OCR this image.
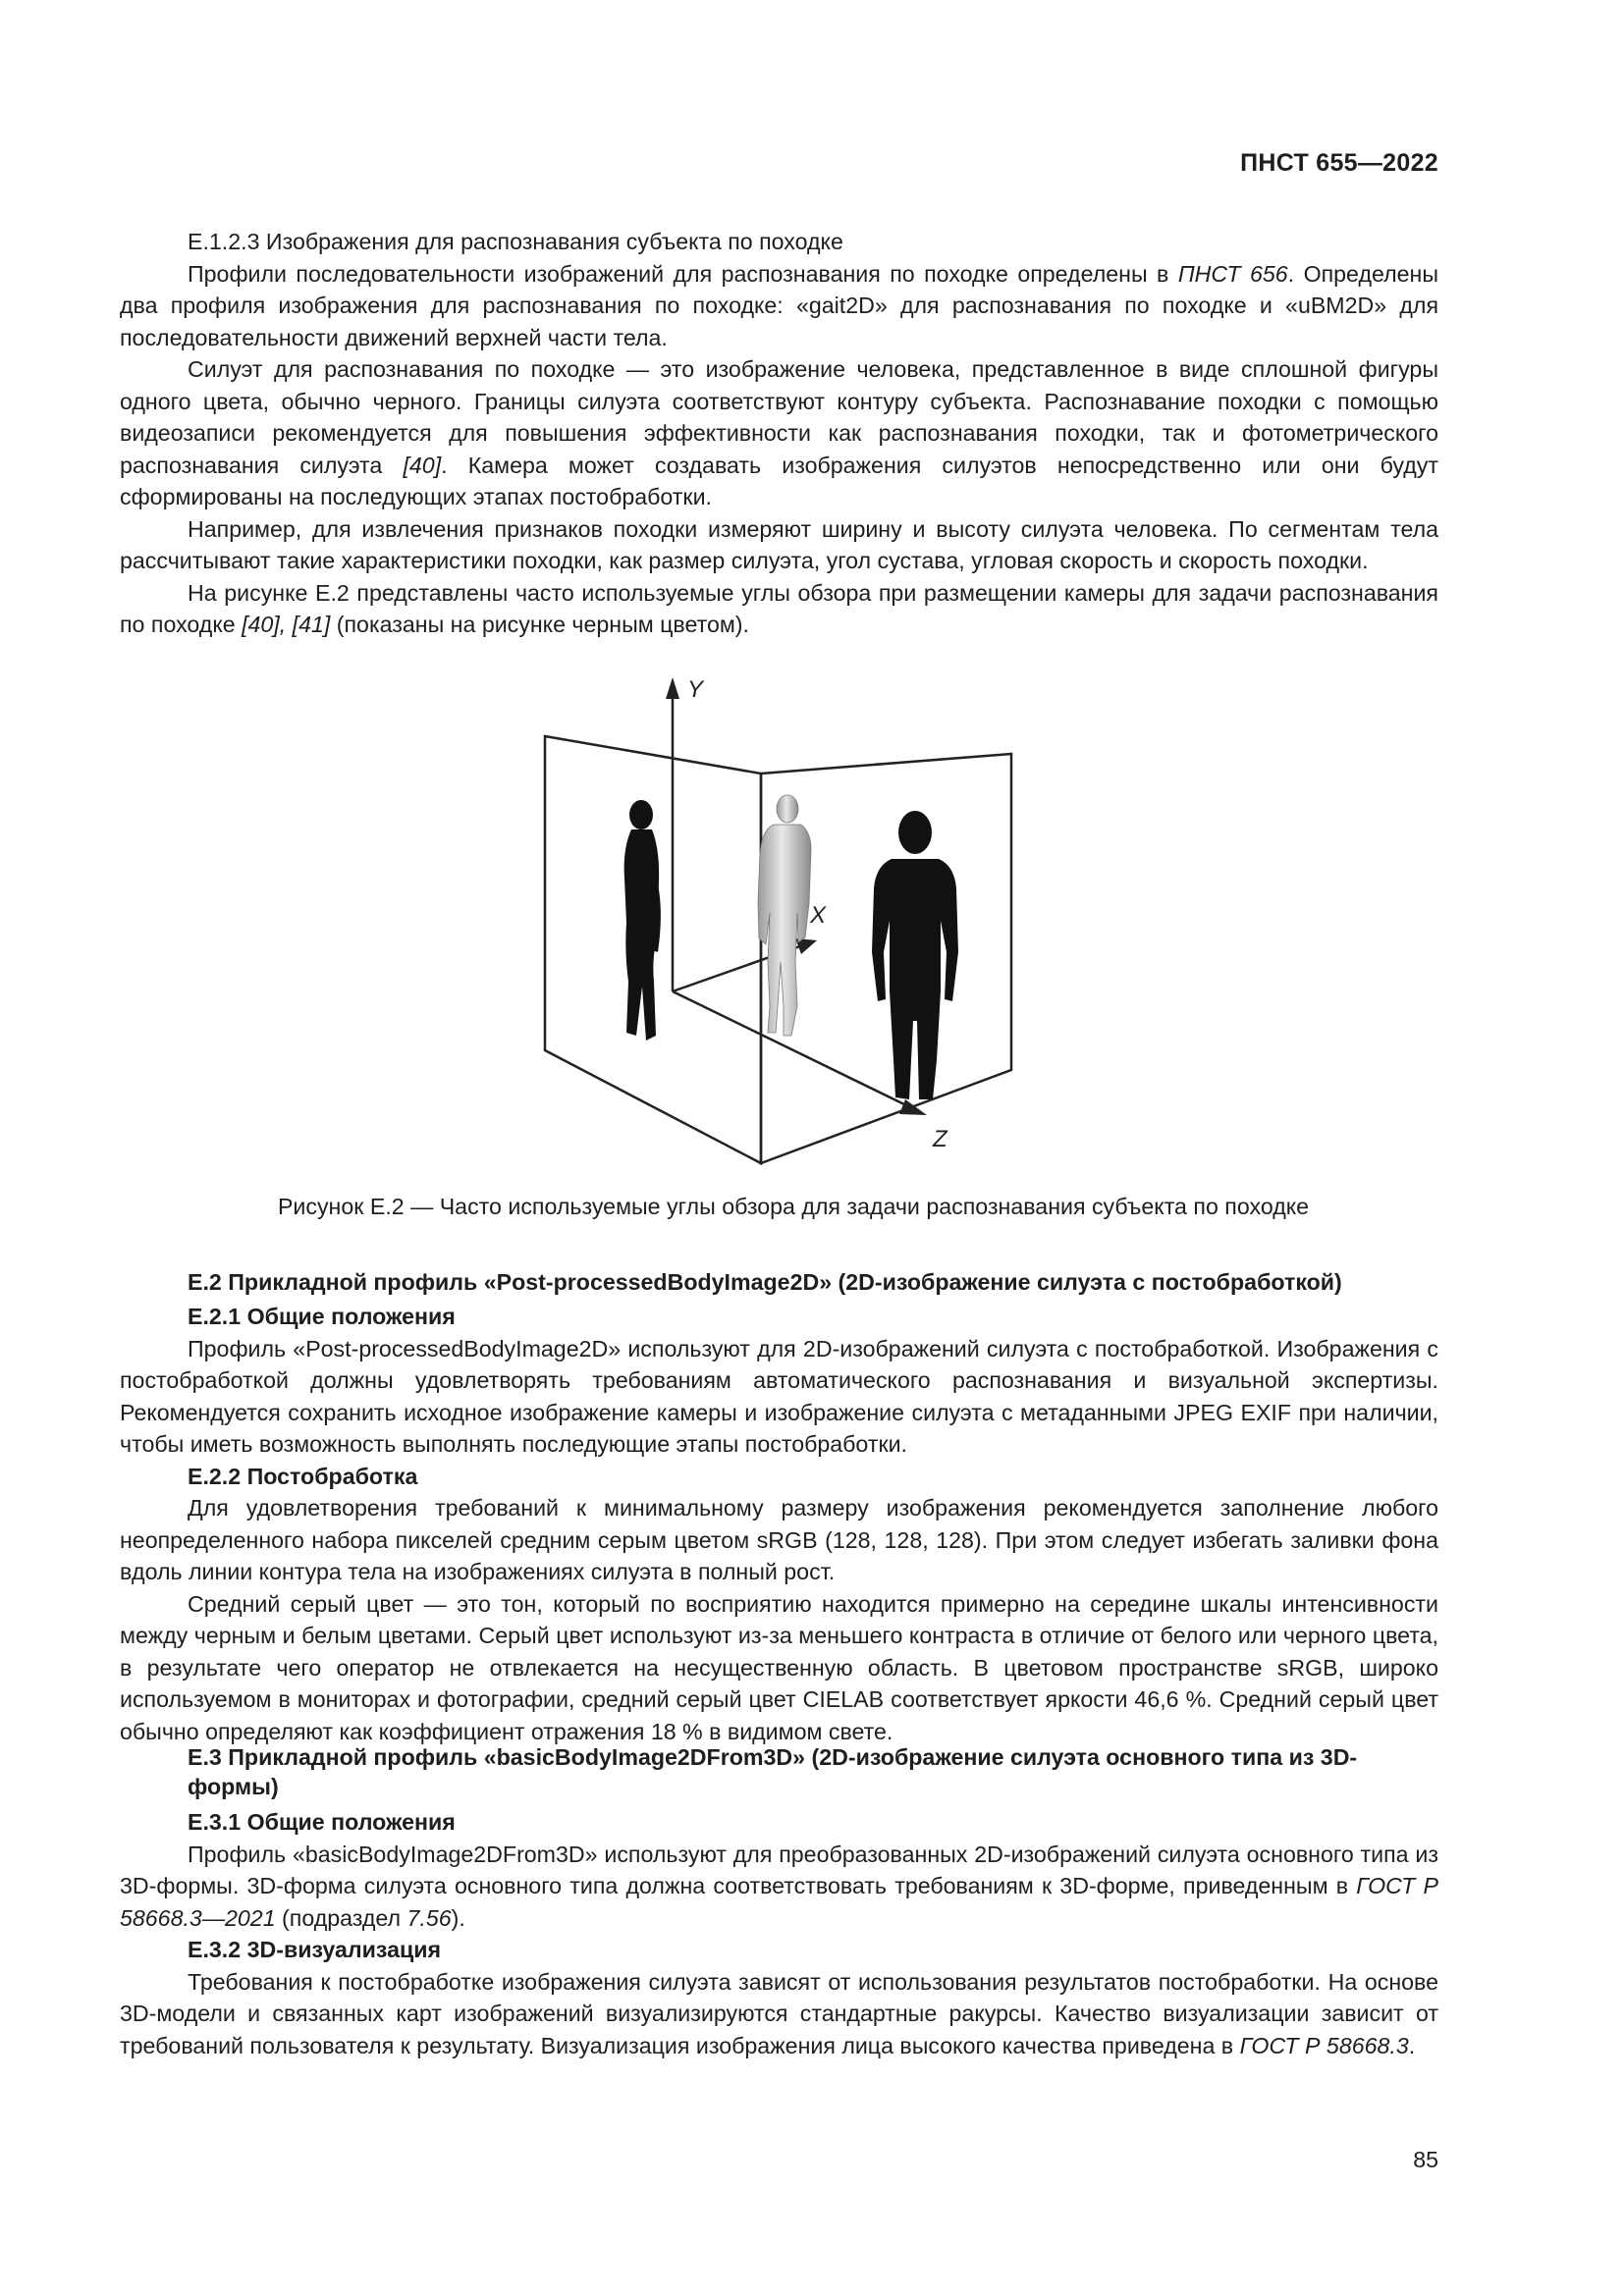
ПНСТ 655—2022

E.1.2.3 Изображения для распознавания субъекта по походке

Профили последовательности изображений для распознавания по походке определены в ПНСТ 656. Определены два профиля изображения для распознавания по походке: «gait2D» для распознавания по походке и «uBM2D» для последовательности движений верхней части тела.

Силуэт для распознавания по походке — это изображение человека, представленное в виде сплошной фигуры одного цвета, обычно черного. Границы силуэта соответствуют контуру субъекта. Распознавание походки с помощью видеозаписи рекомендуется для повышения эффективности как распознавания походки, так и фотометрического распознавания силуэта [40]. Камера может создавать изображения силуэтов непосредственно или они будут сформированы на последующих этапах постобработки.

Например, для извлечения признаков походки измеряют ширину и высоту силуэта человека. По сегментам тела рассчитывают такие характеристики походки, как размер силуэта, угол сустава, угловая скорость и скорость походки.

На рисунке E.2 представлены часто используемые углы обзора при размещении камеры для задачи распознавания по походке [40], [41] (показаны на рисунке черным цветом).

Y
X
Z
Рисунок E.2 — Часто используемые углы обзора для задачи распознавания субъекта по походке

E.2 Прикладной профиль «Post-processedBodyImage2D» (2D-изображение силуэта с постобработкой)

E.2.1 Общие положения

Профиль «Post-processedBodyImage2D» используют для 2D-изображений силуэта с постобработкой. Изображения с постобработкой должны удовлетворять требованиям автоматического распознавания и визуальной экспертизы. Рекомендуется сохранить исходное изображение камеры и изображение силуэта с метаданными JPEG EXIF при наличии, чтобы иметь возможность выполнять последующие этапы постобработки.

E.2.2 Постобработка

Для удовлетворения требований к минимальному размеру изображения рекомендуется заполнение любого неопределенного набора пикселей средним серым цветом sRGB (128, 128, 128). При этом следует избегать заливки фона вдоль линии контура тела на изображениях силуэта в полный рост.

Средний серый цвет — это тон, который по восприятию находится примерно на середине шкалы интенсивности между черным и белым цветами. Серый цвет используют из-за меньшего контраста в отличие от белого или черного цвета, в результате чего оператор не отвлекается на несущественную область. В цветовом пространстве sRGB, широко используемом в мониторах и фотографии, средний серый цвет CIELAB соответствует яркости 46,6 %. Средний серый цвет обычно определяют как коэффициент отражения 18 % в видимом свете.

E.3 Прикладной профиль «basicBodyImage2DFrom3D» (2D-изображение силуэта основного типа из 3D-формы)

E.3.1 Общие положения

Профиль «basicBodyImage2DFrom3D» используют для преобразованных 2D-изображений силуэта основного типа из 3D-формы. 3D-форма силуэта основного типа должна соответствовать требованиям к 3D-форме, приведенным в ГОСТ Р 58668.3—2021 (подраздел 7.56).

E.3.2 3D-визуализация

Требования к постобработке изображения силуэта зависят от использования результатов постобработки. На основе 3D-модели и связанных карт изображений визуализируются стандартные ракурсы. Качество визуализации зависит от требований пользователя к результату. Визуализация изображения лица высокого качества приведена в ГОСТ Р 58668.3.

85
